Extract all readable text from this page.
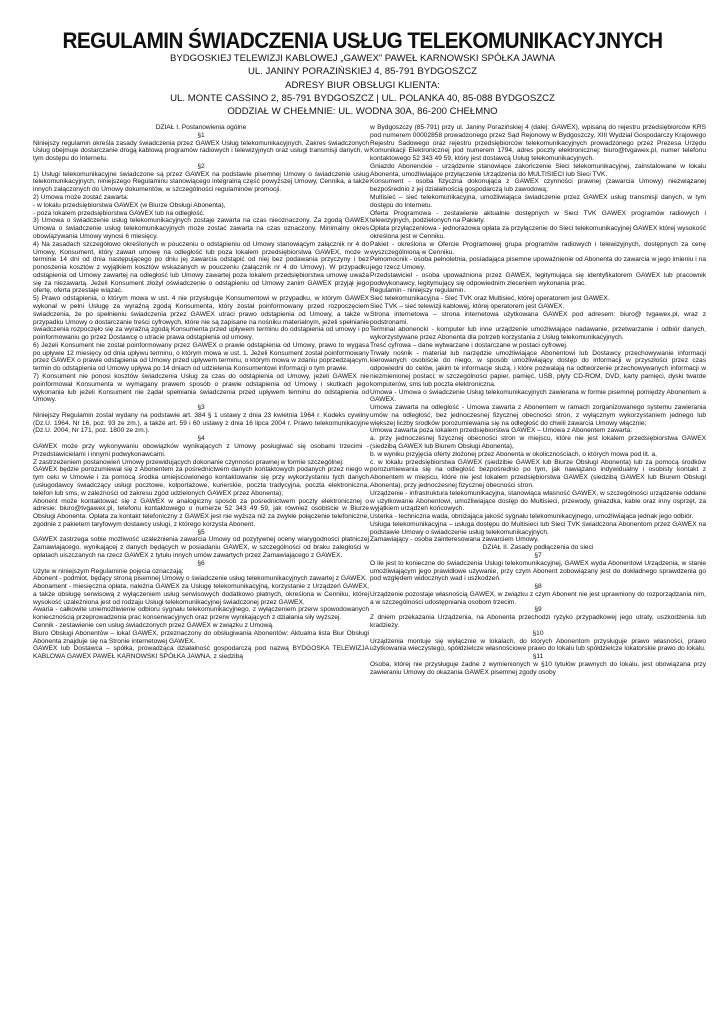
REGULAMIN ŚWIADCZENIA USŁUG TELEKOMUNIKACYJNYCH

BYDGOSKIEJ TELEWIZJI KABLOWEJ „GAWEX” PAWEŁ KARNOWSKI SPÓŁKA JAWNA

UL. JANINY PORAZIŃSKIEJ 4, 85-791 BYDGOSZCZ

ADRESY BIUR OBSŁUGI KLIENTA:

UL. MONTE CASSINO 2, 85-791 BYDGOSZCZ | UL. POLANKA 40, 85-088 BYDGOSZCZ

ODDZIAŁ W CHEŁMNIE: UL. WODNA 30A, 86-200 CHEŁMNO

DZIAŁ I. Postanowienia ogólne

§1

Niniejszy regulamin określa zasady świadczenia przez GAWEX Usług telekomunikacyjnych. Zakres świadczonych Usług obejmuje dostarczanie drogą kablową programów radiowych i telewizyjnych oraz usługi transmisji danych, w tym dostępu do Internetu.

§2

1) Usługi telekomunikacyjne świadczone są przez GAWEX na podstawie pisemnej Umowy o świadczenie usług telekomunikacyjnych, niniejszego Regulaminu stanowiącego integralną część powyższej Umowy, Cennika, a także innych załączonych do Umowy dokumentów, w szczególności regulaminów promocji.

2) Umowa może zostać zawarta:

- w lokalu przedsiębiorstwa GAWEX (w Biurze Obsługi Abonenta),

- poza lokalem przedsiębiorstwa GAWEX lub na odległość.

3) Umowa o świadczenie usług telekomunikacyjnych zostaje zawarta na czas nieoznaczony. Za zgodą GAWEX Umowa o świadczenie usług telekomunikacyjnych może zostać zawarta na czas oznaczony. Minimalny okres obowiązywania Umowy wynosi 6 miesięcy.

4) Na zasadach szczegółowo określonych w pouczeniu o odstąpieniu od Umowy stanowiącym załącznik nr 4 do Umowy, Konsument, który zawarł umowę na odległość lub poza lokalem przedsiębiorstwa GAWEX, może w terminie 14 dni od dnia następującego po dniu jej zawarcia odstąpić od niej bez podawania przyczyny i bez ponoszenia kosztów z wyjątkiem kosztów wskazanych w pouczeniu (załącznik nr 4 do Umowy). W przypadku odstąpienia od Umowy zawartej na odległość lub Umowy zawartej poza lokalem przedsiębiorstwa umowę uważa się za niezawartą. Jeżeli Konsument złożył oświadczenie o odstąpieniu od Umowy zanim GAWEX przyjął jego ofertę, oferta przestaje wiązać.

5) Prawo odstąpienia, o którym mowa w ust. 4 nie przysługuje Konsumentowi w przypadku, w którym GAWEX wykonał w pełni Usługę za wyraźną zgodą Konsumenta, który został poinformowany przed rozpoczęciem świadczenia, że po spełnieniu świadczenia przez GAWEX utraci prawo odstąpienia od Umowy, a także w przypadku Umowy o dostarczanie treści cyfrowych, które nie są zapisane na nośniku materialnym, jeżeli spełnianie świadczenia rozpoczęło się za wyraźną zgodą Konsumenta przed upływem terminu do odstąpienia od umowy i po poinformowaniu go przez Dostawcę o utracie prawa odstąpienia od umowy.

6) Jeżeli Konsument nie został poinformowany przez GAWEX o prawie odstąpienia od Umowy, prawo to wygasa po upływie 12 miesięcy od dnia upływu terminu, o którym mowa w ust. 1. Jeżeli Konsument został poinformowany przez GAWEX o prawie odstąpienia od Umowy przed upływem terminu, o którym mowa w zdaniu poprzedzającym, termin do odstąpienia od Umowy upływa po 14 dniach od udzielenia Konsumentowi informacji o tym prawie.

7) Konsument nie ponosi kosztów świadczenia Usług za czas do odstąpienia od Umowy, jeżeli GAWEX nie poinformował Konsumenta w wymagany prawem sposób o prawie odstąpienia od Umowy i skutkach jego wykonania lub jeżeli Konsument nie żądał spełniania świadczenia przed upływem terminu do odstąpienia od Umowy.

§3

Niniejszy Regulamin został wydany na podstawie art. 384 § 1 ustawy z dnia 23 kwietnia 1964 r. Kodeks cywilny (Dz.U. 1964, Nr 16, poz. 93 ze zm.), a także art. 59 i 60 ustawy z dnia 16 lipca 2004 r. Prawo telekomunikacyjne (Dz.U. 2004, Nr 171, poz. 1800 ze zm.).

§4

GAWEX może przy wykonywaniu obowiązków wynikających z Umowy posługiwać się osobami trzecimi - Przedstawicielami i innymi podwykonawcami.

Z zastrzeżeniem postanowień Umowy przewidujących dokonanie czynności prawnej w formie szczególnej:

GAWEX będzie porozumiewał się z Abonentem za pośrednictwem danych kontaktowych podanych przez niego w tym celu w Umowie i za pomocą środka umiejscowionego kontaktowanie się przy wykorzystaniu tych danych (usługodawcy świadczący usługi pocztowe, kolportażowe, kurierskie, poczta tradycyjna, poczta elektroniczna, telefon lub sms, w zależności od zakresu zgód udzielonych GAWEX przez Abonenta);

Abonent może kontaktować się z GAWEX w analogiczny sposób za pośrednictwem poczty elektronicznej o adresie: biuro@tvgawex.pl, telefonu kontaktowego o numerze 52 343 49 59, jak również osobiście w Biurze Obsługi Abonenta. Opłata za kontakt telefoniczny z GAWEX jest nie wyższa niż za zwykłe połączenie telefoniczne, zgodnie z pakietem taryfowym dostawcy usługi, z którego korzysta Abonent.

§5

GAWEX zastrzega sobie możliwość uzależnienia zawarcia Umowy od pozytywnej oceny wiarygodności płatniczej Zamawiającego, wynikającej z danych będących w posiadaniu GAWEX, w szczególności od braku zaległości w opłatach uiszczanych na rzecz GAWEX z tytułu innych umów zawartych przez Zamawiającego z GAWEX.

§6

Użyte w niniejszym Regulaminie pojęcia oznaczają:

Abonent - podmiot, będący stroną pisemnej Umowy o świadczenie usług telekomunikacyjnych zawartej z GAWEX.

Abonament - miesięczna opłata, należna GAWEX za Usługę telekomunikacyjną, korzystanie z Urządzeń GAWEX, a także obsługę serwisową z wyłączeniem usług serwisowych dodatkowo płatnych, określona w Cenniku, której wysokość uzależniona jest od rodzaju Usługi telekomunikacyjnej świadczonej przez GAWEX.

Awaria - całkowite uniemożliwienie odbioru sygnału telekomunikacyjnego, z wyłączeniem przerw spowodowanych koniecznością przeprowadzenia prac konserwacyjnych oraz przerw wynikających z działania siły wyższej.

Cennik - zestawienie cen usług świadczonych przez GAWEX w związku z Umową.

Biuro Obsługi Abonentów – lokal GAWEX, przeznaczony do obsługiwania Abonentów: Aktualna lista Biur Obsługi Abonenta znajduje się na Stronie internetowej GAWEX.

GAWEX lub Dostawca – spółka, prowadząca działalność gospodarczą pod nazwą BYDGOSKA TELEWIZJA KABLOWA GAWEX PAWEŁ KARNOWSKI SPÓŁKA JAWNA, z siedzibą

w Bydgoszczy (85-791) przy ul. Janiny Porazińskiej 4 (dalej: GAWEX), wpisaną do rejestru przedsiębiorców KRS pod numerem 00002858 prowadzonego przez Sąd Rejonowy w Bydgoszczy, XIII Wydział Gospodarczy Krajowego Rejestru Sadowego oraz rejestru przedsiębiorców telekomunikacyjnych prowadzonego przez Prezesa Urzędu Komunikacji Elektronicznej pod numerem 1794, adres poczty elektronicznej: biuro@tvgawex.pl, numer telefonu kontaktowego 52 343 49 59, który jest dostawcą Usług telekomunikacyjnych.

Gniazdo Abonenckie - urządzenie stanowiące zakończenie Sieci telekomunikacyjnej, zainstalowane w lokalu Abonenta, umożliwiające przyłączenie Urządzenia do MULTISIECI lub Sieci TVK.

Konsument - osoba fizyczna dokonująca z GAWEX czynności prawnej (zawarcia Umowy) niezwiązanej bezpośrednio z jej działalnością gospodarczą lub zawodową;

Multisieć – sieć telekomunikacyjna, umożliwiająca świadczenie przez GAWEX usług transmisji danych, w tym dostępu do Internetu.

Oferta Programowa - zestawienie aktualnie dostępnych w Sieci TVK GAWEX programów radiowych i telewizyjnych, podzielonych na Pakiety.

Opłata przyłączeniowa - jednorazowa opłata za przyłączenie do Sieci telekomunikacyjnej GAWEX której wysokość określona jest w Cenniku.

Pakiet - określona w Ofercie Programowej grupa programów radiowych i telewizyjnych, dostępnych za cenę wyszczególnioną w Cenniku.

Pełnomocnik - osoba pełnoletnia, posiadająca pisemne upoważnienie od Abonenta do zawarcia w jego imieniu i na jego rzecz Umowy.

Przedstawiciel - osoba upoważniona przez GAWEX, legitymująca się identyfikatorem GAWEX lub pracownik podwykonawcy, legitymujący się odpowiednim zleceniem wykonania prac.

Regulamin - niniejszy regulamin.

Sieć telekomunikacyjna - Sieć TVK oraz Multisieć, której operatorem jest GAWEX.

Sieć TVK – sieć telewizji kablowej, której operatorem jest GAWEX.

Strona internetowa – strona internetowa użytkowana GAWEX pod adresem: biuro@ tvgawex.pl, wraz z podstronami.

Terminal abonencki - komputer lub inne urządzenie umożliwiające nadawanie, przetwarzanie i odbiór danych, wykorzystywane przez Abonenta dla potrzeb korzystania z Usług telekomunikacyjnych.

Treść cyfrowa – dane wytwarzane i dostarczane w postaci cyfrowej.

Trwały nośnik - materiał lub narzędzie umożliwiające Abonentowi lub Dostawcy przechowywanie informacji kierowanych osobiście do niego, w sposób umożliwiający dostęp do informacji w przyszłości przez czas odpowiedni do celów, jakim te informacje służą, i które pozwalają na odtworzenie przechowywanych informacji w niezmienionej postaci; w szczególności papier, pamięć, USB, płyty CD-ROM, DVD, karty pamięci, dyski twarde komputerów, sms lub poczta elektroniczna.

Umowa - Umowa o świadczenie Usług telekomunikacyjnych zawierana w formie pisemnej pomiędzy Abonentem a GAWEX.

Umowa zawarta na odległość - Umowa zawarta z Abonentem w ramach zorganizowanego systemu zawierania umów na odległość, bez jednoczesnej fizycznej obecności stron, z wyłącznym wykorzystaniem jednego lub większej liczby środków porozumiewania się na odległość do chwili zawarcia Umowy włącznie;

Umowa zawarta poza lokalem przedsiębiorstwa GAWEX – Umowa z Abonentem zawarta:

a. przy jednoczesnej fizycznej obecności stron w miejscu, które nie jest lokalem przedsiębiorstwa GAWEX (siedzibą GAWEX lub Biurem Obsługi Abonenta),

b. w wyniku przyjęcia oferty złożonej przez Abonenta w okolicznościach, o których mowa pod lit. a,

c. w lokalu przedsiębiorstwa GAWEX (siedzibie GAWEX lub Biurze Obsługi Abonenta) lub za pomocą środków porozumiewania się na odległość bezpośrednio po tym, jak nawiązano indywidualny i osobisty kontakt z Abonentem w miejscu, które nie jest lokalem przedsiębiorstwa GAWEX (siedzibą GAWEX lub Biurem Obsługi Abonenta), przy jednoczesnej fizycznej obecności stron.

Urządzenie - infrastruktura telekomunikacyjna, stanowiąca własność GAWEX, w szczególności urządzenie oddane w użytkowanie Abonentowi, umożliwiające dostęp do Multisieci, przewody, gniazdka, kable oraz inny osprzęt, za wyjątkiem urządzeń końcowych.

Usterka - techniczna wada, obniżająca jakość sygnału telekomunikacyjnego, umożliwiająca jednak jego odbiór.

Usługa telekomunikacyjna – usługa dostępu do Multisieci lub Sieci TVK świadczona Abonentom przez GAWEX na podstawie Umowy o świadczenie usług telekomunikacyjnych.

Zamawiający - osoba zainteresowana zawarciem Umowy.

DZIAŁ II. Zasady podłączenia do sieci

§7

O ile jest to konieczne do świadczenia Usługi telekomunikacyjnej, GAWEX wyda Abonentowi Urządzenia, w stanie umożliwiającym jego prawidłowe używanie, przy czym Abonent zobowiązany jest do dokładnego sprawdzenia go pod względem widocznych wad i uszkodzeń.

§8

Urządzenie pozostaje własnością GAWEX, w związku z czym Abonent nie jest uprawniony do rozporządzania nim, a w szczególności udostępniania osobom trzecim.

§9

Z dniem przekazania Urządzenia, na Abonenta przechodzi ryzyko przypadkowej jego utraty, uszkodzenia lub kradzieży.

§10

Urządzenia montuje się wyłącznie w lokalach, do których Abonentom przysługuje prawo własności, prawo użytkowania wieczystego, spółdzielcze własnościowe prawo do lokalu lub spółdzielcze lokatorskie prawo do lokalu.

§11

Osoba, której nie przysługuje żadne z wymienionych w §10 tytułów prawnych do lokalu, jest obowiązana przy zawieraniu Umowy do okazania GAWEX pisemnej zgody osoby
